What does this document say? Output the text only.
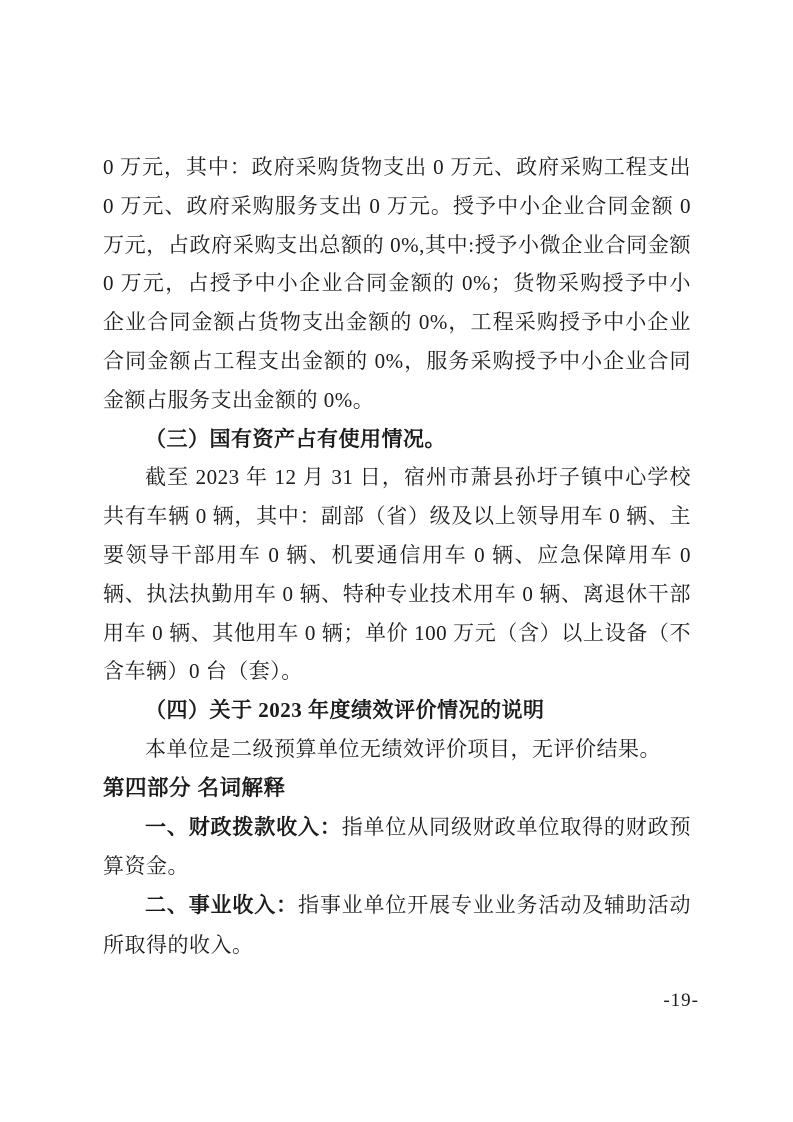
0 万元，其中：政府采购货物支出 0 万元、政府采购工程支出 0 万元、政府采购服务支出 0 万元。授予中小企业合同金额 0 万元，占政府采购支出总额的 0%,其中:授予小微企业合同金额 0 万元，占授予中小企业合同金额的 0%；货物采购授予中小企业合同金额占货物支出金额的 0%，工程采购授予中小企业合同金额占工程支出金额的 0%，服务采购授予中小企业合同金额占服务支出金额的 0%。

（三）国有资产占有使用情况。

截至 2023 年 12 月 31 日，宿州市萧县孙圩子镇中心学校共有车辆 0 辆，其中：副部（省）级及以上领导用车 0 辆、主要领导干部用车 0 辆、机要通信用车 0 辆、应急保障用车 0 辆、执法执勤用车 0 辆、特种专业技术用车 0 辆、离退休干部用车 0 辆、其他用车 0 辆；单价 100 万元（含）以上设备（不含车辆）0 台（套）。

（四）关于 2023 年度绩效评价情况的说明

本单位是二级预算单位无绩效评价项目，无评价结果。

第四部分 名词解释

一、财政拨款收入：指单位从同级财政单位取得的财政预算资金。

二、事业收入：指事业单位开展专业业务活动及辅助活动所取得的收入。

-19-
